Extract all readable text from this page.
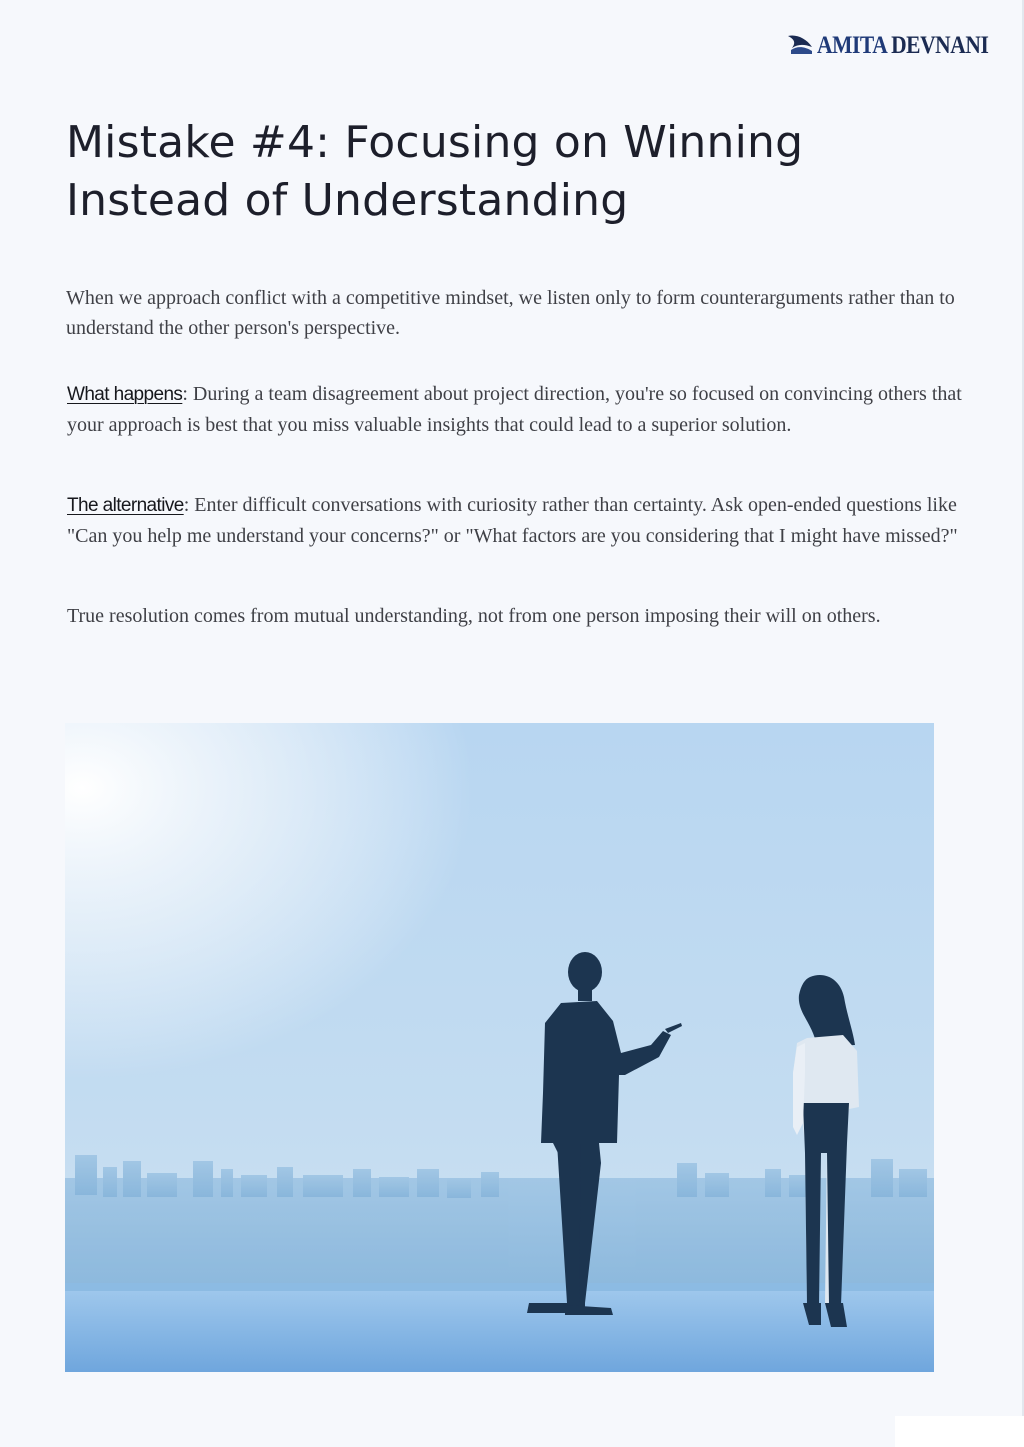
AMITA DEVNANI
Mistake #4: Focusing on Winning Instead of Understanding

When we approach conflict with a competitive mindset, we listen only to form counterarguments rather than to understand the other person's perspective.

What happens: During a team disagreement about project direction, you're so focused on convincing others that your approach is best that you miss valuable insights that could lead to a superior solution.

The alternative: Enter difficult conversations with curiosity rather than certainty. Ask open-ended questions like "Can you help me understand your concerns?" or "What factors are you considering that I might have missed?"

True resolution comes from mutual understanding, not from one person imposing their will on others.
